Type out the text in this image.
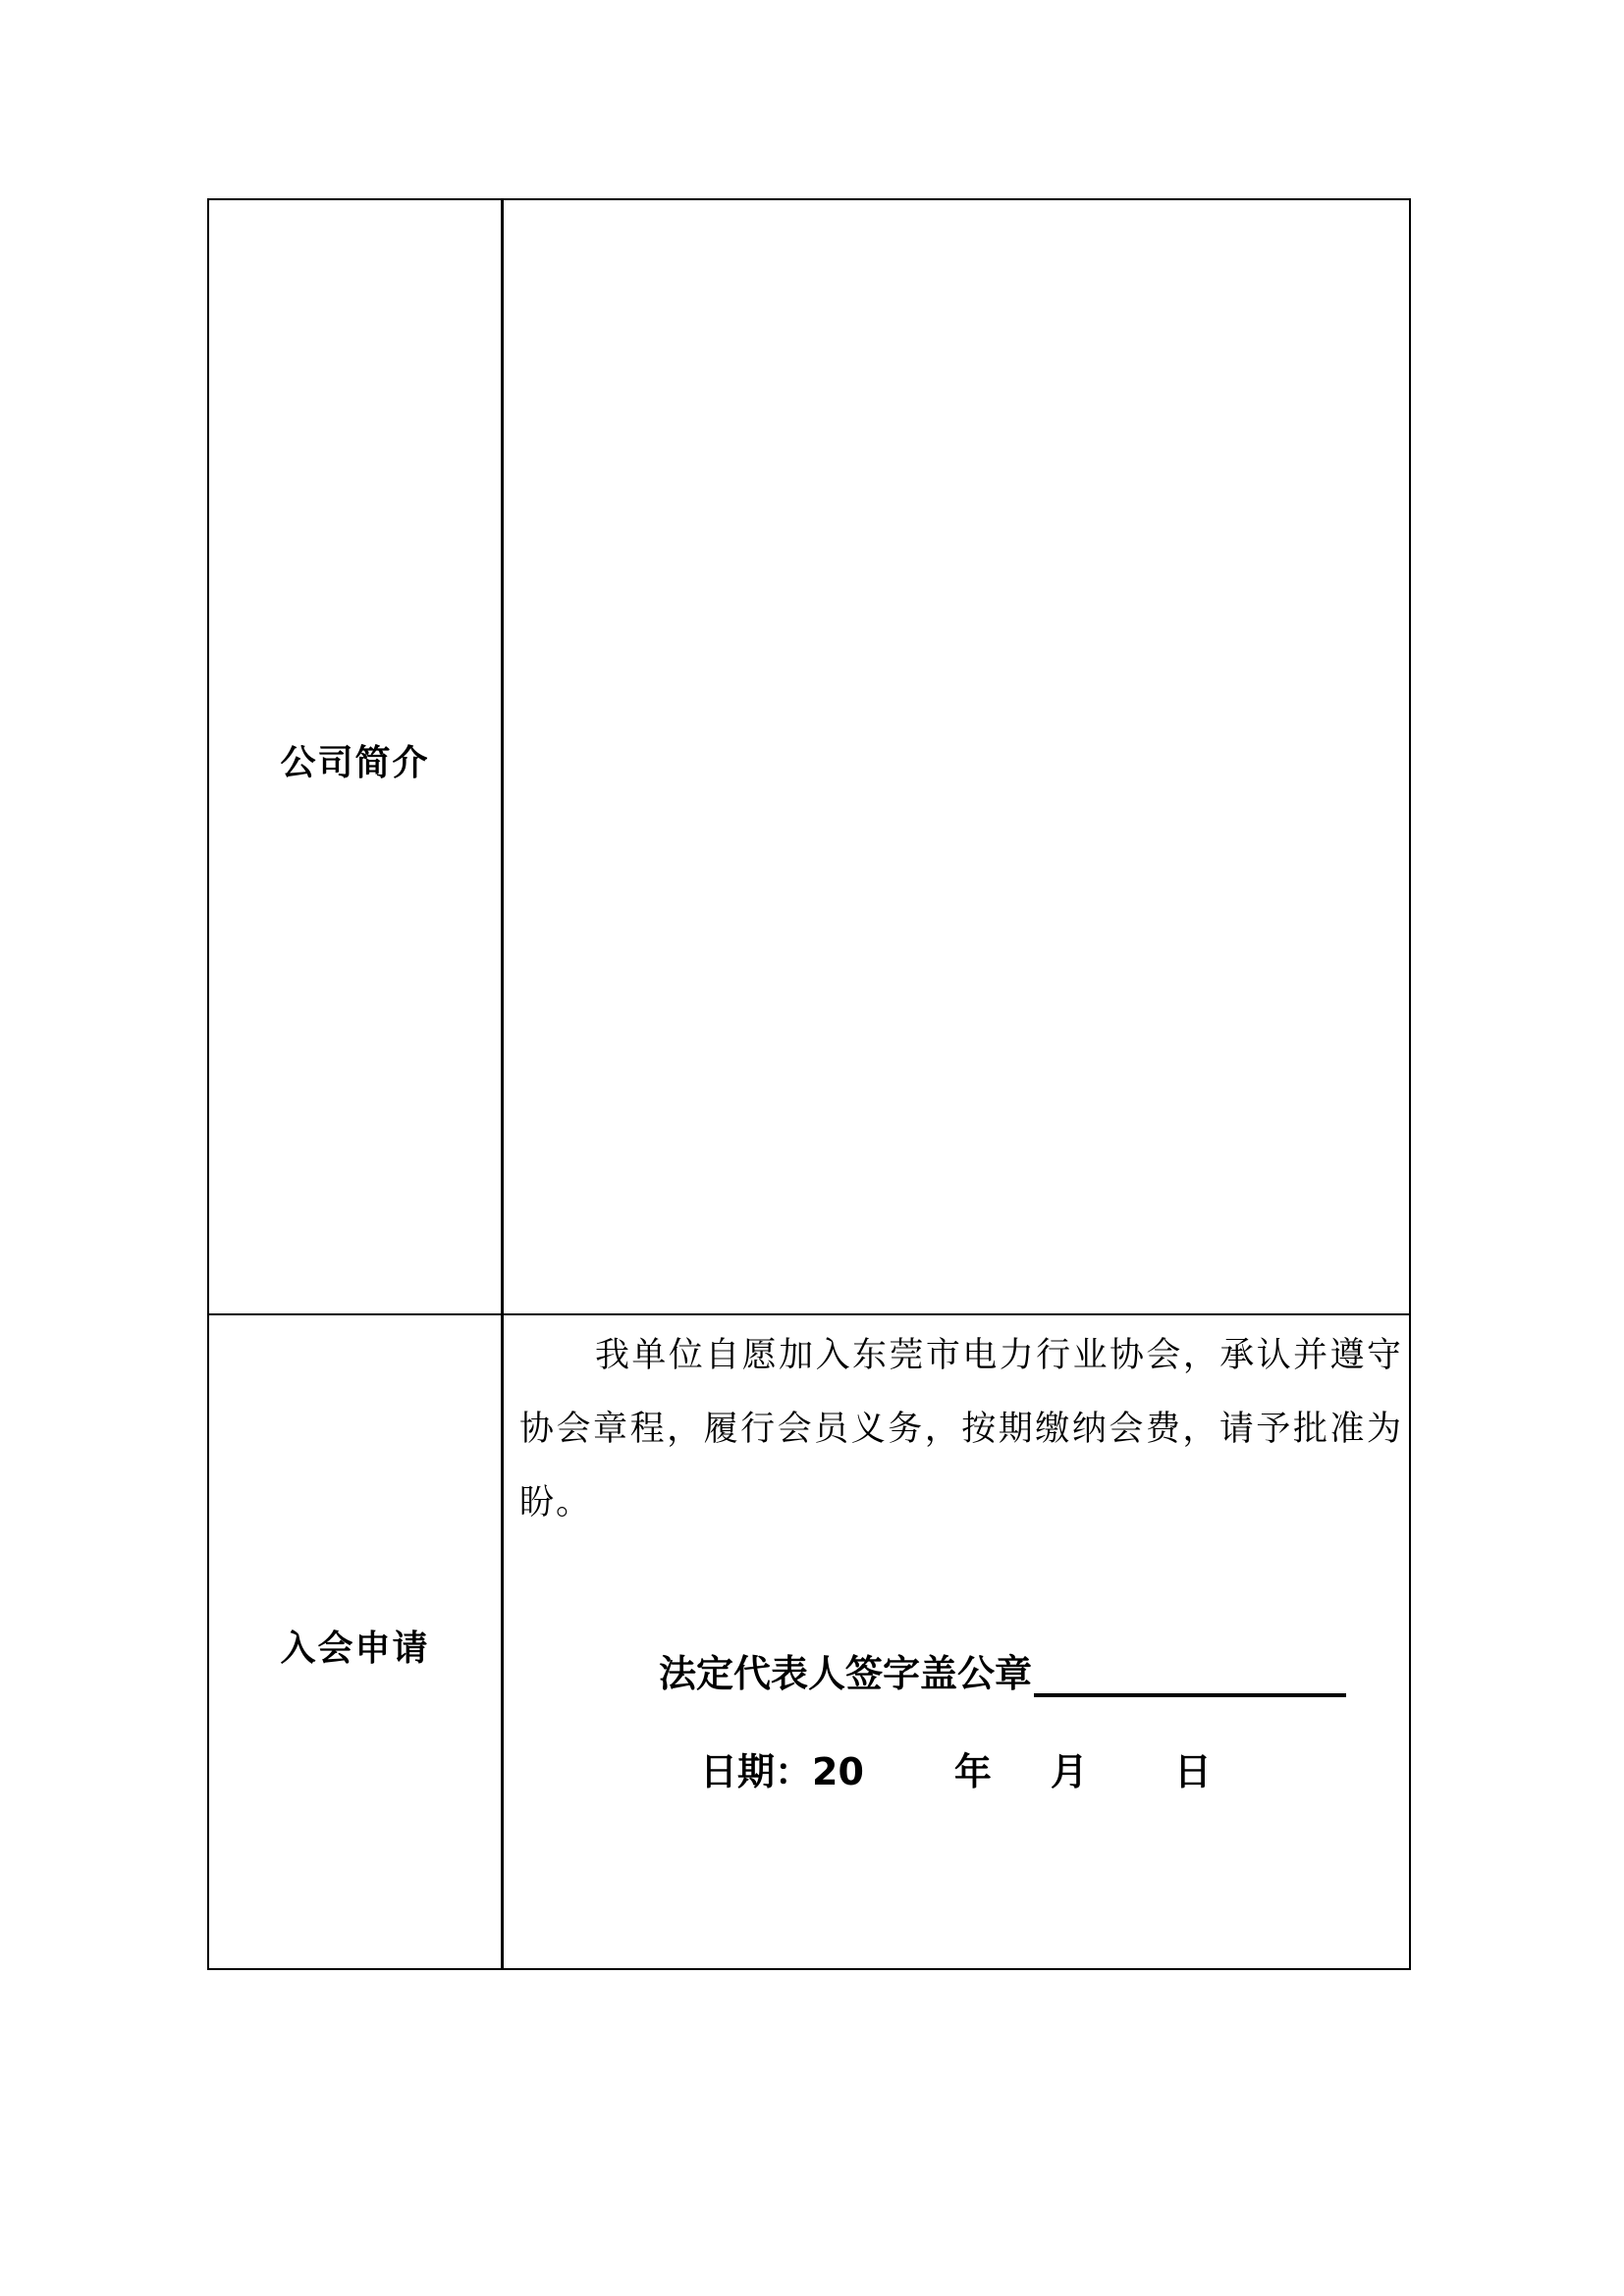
公司简介
入会申请

我单位自愿加入东莞市电力行业协会，承认并遵守协会章程，履行会员义务，按期缴纳会费，请予批准为盼。

法定代表人签字盖公章
日期：20 年 月 日
